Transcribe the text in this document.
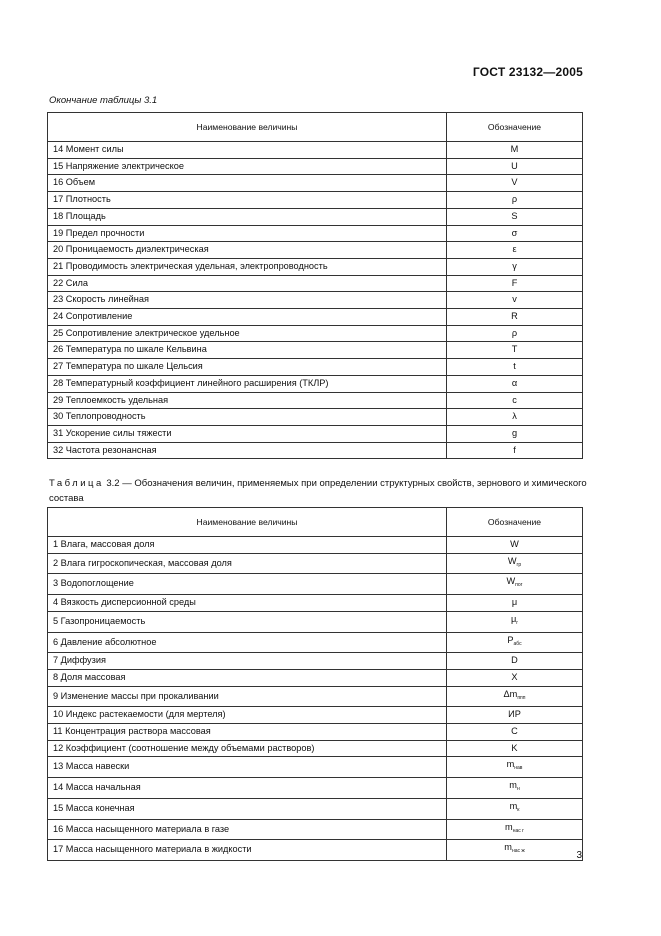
ГОСТ 23132—2005
Окончание таблицы 3.1
Наименование величины	Обозначение
14 Момент силы	M
15 Напряжение электрическое	U
16 Объем	V
17 Плотность	ρ
18 Площадь	S
19 Предел прочности	σ
20 Проницаемость диэлектрическая	ε
21 Проводимость электрическая удельная, электропроводность	γ
22 Сила	F
23 Скорость линейная	v
24 Сопротивление	R
25 Сопротивление электрическое удельное	ρ
26 Температура по шкале Кельвина	T
27 Температура по шкале Цельсия	t
28 Температурный коэффициент линейного расширения (ТКЛР)	α
29 Теплоемкость удельная	c
30 Теплопроводность	λ
31 Ускорение силы тяжести	g
32 Частота резонансная	f
Таблица 3.2 — Обозначения величин, применяемых при определении структурных свойств, зернового и химического состава
Наименование величины	Обозначение
1 Влага, массовая доля	W
2 Влага гигроскопическая, массовая доля	$W_{гр}$
3 Водопоглощение	$W_{пог}$
4 Вязкость дисперсионной среды	μ
5 Газопроницаемость	$\mu_г$
6 Давление абсолютное	$P_{абс}$
7 Диффузия	D
8 Доля массовая	X
9 Изменение массы при прокаливании	$\Delta m_{ппп}$
10 Индекс растекаемости (для мертеля)	ИР
11 Концентрация раствора массовая	C
12 Коэффициент (соотношение между объемами растворов)	K
13 Масса навески	$m_{нав}$
14 Масса начальная	$m_н$
15 Масса конечная	$m_к$
16 Масса насыщенного материала в газе	$m_{нас г}$
17 Масса насыщенного материала в жидкости	$m_{нас ж}$	3
